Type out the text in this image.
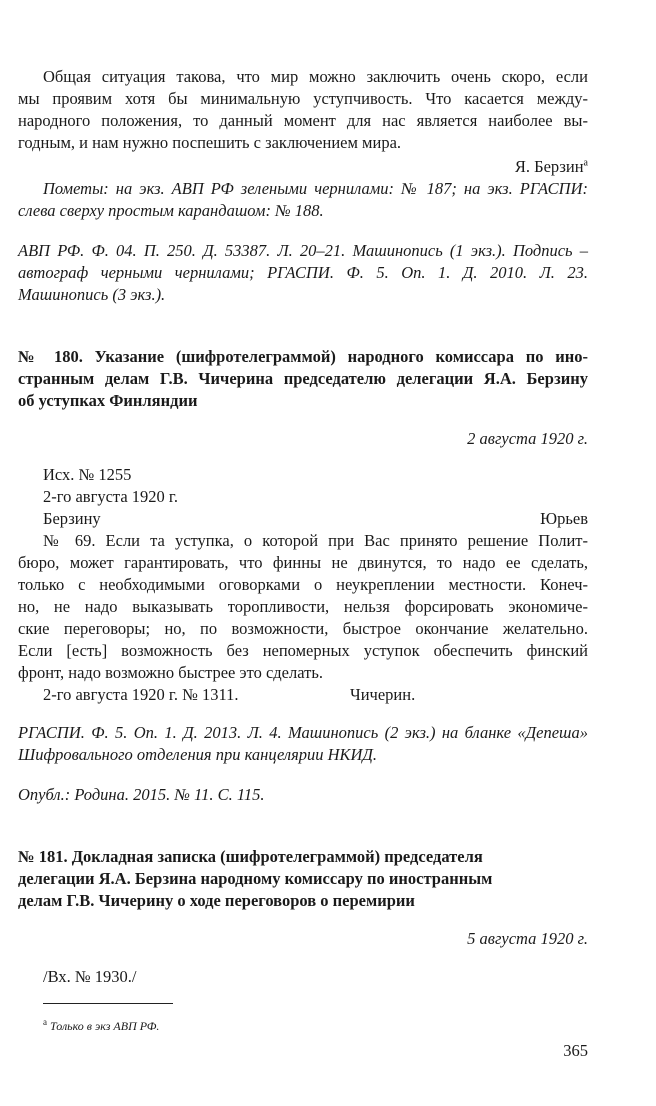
Общая ситуация такова, что мир можно заключить очень скоро, если
мы проявим хотя бы минимальную уступчивость. Что касается между-
народного положения, то данный момент для нас является наиболее вы-
годным, и нам нужно поспешить с заключением мира.
Я. Берзин$^а$
Пометы: на экз. АВП РФ зелеными чернилами: № 187; на экз. РГАСПИ:
слева сверху простым карандашом: № 188.
АВП РФ. Ф. 04. П. 250. Д. 53387. Л. 20–21. Машинопись (1 экз.). Подпись –
автограф черными чернилами; РГАСПИ. Ф. 5. Оп. 1. Д. 2010. Л. 23.
Машинопись (3 экз.).
№ 180. Указание (шифротелеграммой) народного комиссара по ино-
странным делам Г.В. Чичерина председателю делегации Я.А. Берзину
об уступках Финляндии
2 августа 1920 г.
Исх. № 1255
2-го августа 1920 г.
Берзину	Юрьев
№ 69. Если та уступка, о которой при Вас принято решение Полит-
бюро, может гарантировать, что финны не двинутся, то надо ее сделать,
только с необходимыми оговорками о неукреплении местности. Конеч-
но, не надо выказывать торопливости, нельзя форсировать экономиче-
ские переговоры; но, по возможности, быстрое окончание желательно.
Если [есть] возможность без непомерных уступок обеспечить финский
фронт, надо возможно быстрее это сделать.
2-го августа 1920 г. № 1311.	Чичерин.
РГАСПИ. Ф. 5. Оп. 1. Д. 2013. Л. 4. Машинопись (2 экз.) на бланке «Депеша»
Шифровального отделения при канцелярии НКИД.
Опубл.: Родина. 2015. № 11. С. 115.
№ 181. Докладная записка (шифротелеграммой) председателя
делегации Я.А. Берзина народному комиссару по иностранным
делам Г.В. Чичерину о ходе переговоров о перемирии
5 августа 1920 г.
/Вх. № 1930./
$^а$ Только в экз АВП РФ.
365
